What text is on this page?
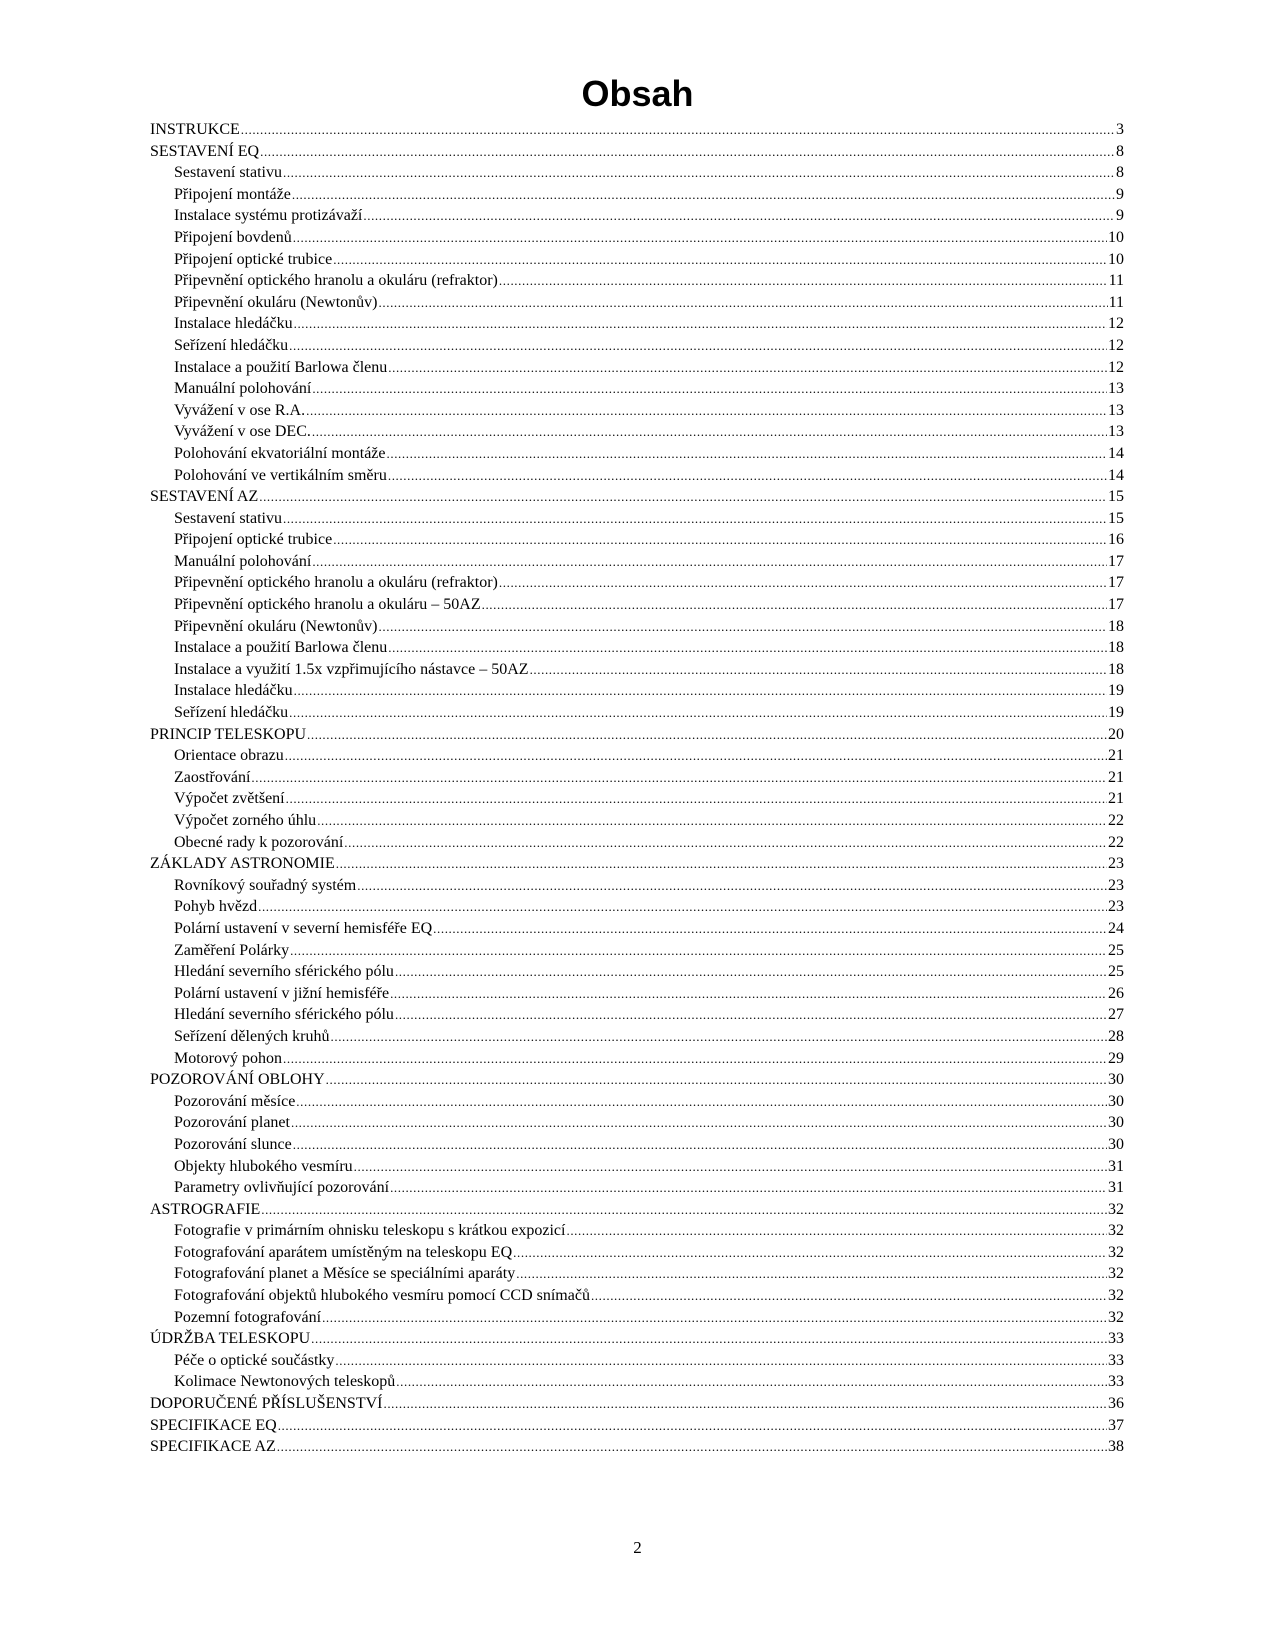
Obsah
INSTRUKCE .....	3
SESTAVENÍ EQ .....	8
Sestavení stativu .....	8
Připojení montáže .....	9
Instalace systému protizávaží .....	9
Připojení bovdenů .....	10
Připojení optické trubice .....	10
Připevnění optického hranolu a okuláru (refraktor) .....	11
Připevnění okuláru (Newtonův) .....	11
Instalace hledáčku .....	12
Seřízení hledáčku .....	12
Instalace a použití Barlowa členu .....	12
Manuální polohování .....	13
Vyvážení v ose R.A. .....	13
Vyvážení v ose DEC. .....	13
Polohování ekvatoriální montáže .....	14
Polohování ve vertikálním směru .....	14
SESTAVENÍ AZ .....	15
Sestavení stativu .....	15
Připojení optické trubice .....	16
Manuální polohování .....	17
Připevnění optického hranolu a okuláru (refraktor) .....	17
Připevnění optického hranolu a okuláru – 50AZ .....	17
Připevnění okuláru (Newtonův) .....	18
Instalace a použití Barlowa členu .....	18
Instalace a využití 1.5x vzpřimujícího nástavce – 50AZ .....	18
Instalace hledáčku .....	19
Seřízení hledáčku .....	19
PRINCIP TELESKOPU .....	20
Orientace obrazu .....	21
Zaostřování .....	21
Výpočet zvětšení .....	21
Výpočet zorného úhlu .....	22
Obecné rady k pozorování .....	22
ZÁKLADY ASTRONOMIE .....	23
Rovníkový souřadný systém .....	23
Pohyb hvězd .....	23
Polární ustavení v severní hemisféře EQ .....	24
Zaměření Polárky .....	25
Hledání severního sférického pólu .....	25
Polární ustavení v jižní hemisféře .....	26
Hledání severního sférického pólu .....	27
Seřízení dělených kruhů .....	28
Motorový pohon .....	29
POZOROVÁNÍ OBLOHY .....	30
Pozorování měsíce .....	30
Pozorování planet .....	30
Pozorování slunce .....	30
Objekty hlubokého vesmíru .....	31
Parametry ovlivňující pozorování .....	31
ASTROGRAFIE .....	32
Fotografie v primárním ohnisku teleskopu s krátkou expozicí .....	32
Fotografování aparátem umístěným na teleskopu EQ .....	32
Fotografování planet a Měsíce se speciálními aparáty .....	32
Fotografování objektů hlubokého vesmíru pomocí CCD snímačů .....	32
Pozemní fotografování .....	32
ÚDRŽBA TELESKOPU .....	33
Péče o optické součástky .....	33
Kolimace Newtonových teleskopů .....	33
DOPORUČENÉ PŘÍSLUŠENSTVÍ .....	36
SPECIFIKACE EQ .....	37
SPECIFIKACE AZ .....	38
2
